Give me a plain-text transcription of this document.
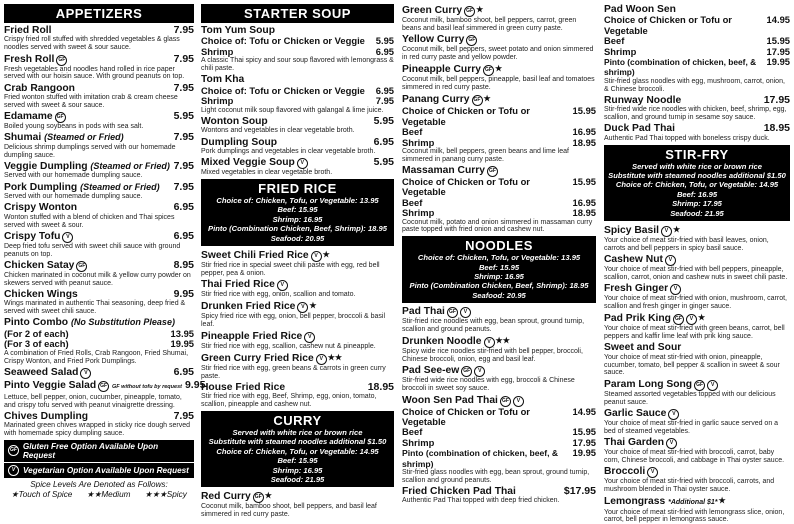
APPETIZERS
Fried Roll	7.95
Crispy fried roll stuffed with shredded vegetables & glass noodles served with sweet & sour sauce.
Fresh Roll GF	7.95
Fresh vegetables and noodles hand rolled in rice paper served with our hoisin sauce. With ground peanuts on top.
Crab Rangoon	7.95
Fried wonton stuffed with imitation crab & cream cheese served with sweet & sour sauce.
Edamame GF	5.95
Boiled young soybeans in pods with sea salt.
Shumai (Steamed or Fried)	7.95
Delicious shrimp dumplings served with our homemade dumpling sauce.
Veggie Dumpling (Steamed or Fried) 7.95
Served with our homemade dumpling sauce.
Pork Dumpling (Steamed or Fried) 7.95
Served with our homemade dumpling sauce.
Crispy Wonton	6.95
Wonton stuffed with a blend of chicken and Thai spices served with sweet & sour.
Crispy Tofu V	6.95
Deep fried tofu served with sweet chili sauce with ground peanuts on top.
Chicken Satay GF	8.95
Chicken marinated in coconut milk & yellow curry powder on skewers served with peanut sauce.
Chicken Wings	9.95
Wings marinated in authentic Thai seasoning, deep fried & served with sweet chili sauce.
Pinto Combo (No Substitution Please)
(For 2 of each)	13.95
(For 3 of each)	19.95
A combination of Fried Rolls, Crab Rangoon, Fried Shumai, Crispy Wonton, and Fried Pork Dumplings.
Seaweed Salad V	6.95
Pinto Veggie Salad GF GF without tofu by request 9.95
Lettuce, bell pepper, onion, cucumber, pineapple, tomato, and crispy tofu served with peanut vinaigrette dressing.
Chives Dumpling	7.95
Marinated green chives wrapped in sticky rice dough served with homemade spicy dumpling sauce.
GF Gluten Free Option Available Upon Request
V Vegetarian Option Available Upon Request
Spice Levels Are Denoted as Follows:
★Touch of Spice ★★Medium ★★★Spicy
STARTER SOUP
Tom Yum Soup
Choice of: Tofu or Chicken or Veggie 5.95
Shrimp	6.95
A classic Thai spicy and sour soup flavored with lemongrass & chili paste.
Tom Kha
Choice of: Tofu or Chicken or Veggie 6.95
Shrimp	7.95
Light coconut milk soup flavored with galangal & lime juice.
Wonton Soup	5.95
Wontons and vegetables in clear vegetable broth.
Dumpling Soup	6.95
Pork dumplings and vegetables in clear vegetable broth.
Mixed Veggie Soup V	5.95
Mixed vegetables in clear vegetable broth.
FRIED RICE
Choice of: Chicken, Tofu, or Vegetable: 13.95
Beef: 15.95
Shrimp: 16.95
Pinto (Combination Chicken, Beef, Shrimp): 18.95
Seafood: 20.95
Sweet Chili Fried Rice V ★
Stir fried rice in special sweet chili paste with egg, red bell pepper, pea & onion.
Thai Fried Rice V
Stir fried rice with egg, onion, scallion and tomato.
Drunken Fried Rice V ★
Spicy fried rice with egg, onion, bell pepper, broccoli & basil leaf.
Pineapple Fried Rice V
Stir fried rice with egg, scallion, cashew nut & pineapple.
Green Curry Fried Rice V ★★
Stir fried rice with egg, green beans & carrots in green curry paste.
House Fried Rice	18.95
Stir fried rice with egg, Beef, Shrimp, egg, onion, tomato, scallion, pineapple and cashew nut.
CURRY
Served with white rice or brown rice
Substitute with steamed noodles additional $1.50
Choice of: Chicken, Tofu, or Vegetable: 14.95
Beef: 15.95
Shrimp: 16.95
Seafood: 21.95
Red Curry GF ★
Coconut milk, bamboo shoot, bell peppers, and basil leaf simmered in red curry paste.
Green Curry GF ★
Coconut milk, bamboo shoot, bell peppers, carrot, green beans and basil leaf simmered in green curry paste.
Yellow Curry GF
Coconut milk, bell peppers, sweet potato and onion simmered in red curry paste and yellow powder.
Pineapple Curry GF ★
Coconut milk, bell peppers, pineapple, basil leaf and tomatoes simmered in red curry paste.
Panang Curry GF ★
Choice of Chicken or Tofu or Vegetable
15.95
Beef	16.95
Shrimp	18.95
Coconut milk, bell peppers, green beans and lime leaf simmered in panang curry paste.
Massaman Curry GF
Choice of Chicken or Tofu or Vegetable
15.95
Beef	16.95
Shrimp	18.95
Coconut milk, potato and onion simmered in massaman curry paste topped with fried onion and cashew nut.
NOODLES
Choice of: Chicken, Tofu, or Vegetable: 13.95
Beef: 15.95
Shrimp: 16.95
Pinto (Combination Chicken, Beef, Shrimp): 18.95
Seafood: 20.95
Pad Thai GF V
Stir-fried rice noodles with egg, bean sprout, ground turnip, scallion and ground peanuts.
Drunken Noodle V ★★
Spicy wide rice noodles stir-fried with bell pepper, broccoli, Chinese broccoli, onion, egg and basil leaf.
Pad See-ew GF V
Stir-fried wide rice noodles with egg, broccoli & Chinese broccoli in sweet soy sauce.
Woon Sen Pad Thai GF V
Choice of Chicken or Tofu or Vegetable
14.95
Beef	15.95
Shrimp	17.95
Pinto (combination of chicken, beef, & shrimp)
19.95
Stir-fried glass noodles with egg, bean sprout, ground turnip, scallion and ground peanuts.
Fried Chicken Pad Thai	$17.95
Authentic Pad Thai topped with deep fried chicken.
Pad Woon Sen
Choice of Chicken or Tofu or Vegetable
14.95
Beef	15.95
Shrimp	17.95
Pinto (combination of chicken, beef, & shrimp)
19.95
Stir-fried glass noodles with egg, mushroom, carrot, onion, & Chinese broccoli.
Runway Noodle	17.95
Stir-fried wide rice noodles with chicken, beef, shrimp, egg, scallion, and ground turnip in sesame soy sauce.
Duck Pad Thai	18.95
Authentic Pad Thai topped with boneless crispy duck.
STIR-FRY
Served with white rice or brown rice
Substitute with steamed noodles additional $1.50
Choice of: Chicken, Tofu, or Vegetable: 14.95
Beef: 16.95
Shrimp: 17.95
Seafood: 21.95
Spicy Basil V ★
Your choice of meat stir-fried with basil leaves, onion, carrots and bell peppers in spicy basil sauce.
Cashew Nut V
Your choice of meat stir-fried with bell peppers, pineapple, scallion, carrot, onion and cashew nuts in sweet chili paste.
Fresh Ginger V
Your choice of meat stir-fried with onion, mushroom, carrot, scallion and fresh ginger in ginger sauce.
Pad Prik King GF V ★
Your choice of meat stir-fried with green beans, carrot, bell peppers and kaffir lime leaf with prik king sauce.
Sweet and Sour
Your choice of meat stir-fried with onion, pineapple, cucumber, tomato, bell pepper & scallion in sweet & sour sauce.
Param Long Song GF V
Steamed assorted vegetables topped with our delicious peanut sauce.
Garlic Sauce V
Your choice of meat stir-fried in garlic sauce served on a bed of steamed vegetables.
Thai Garden V
Your choice of meat stir-fried with broccoli, carrot, baby corn, Chinese broccoli, and cabbage in Thai oyster sauce.
Broccoli V
Your choice of meat stir-fried with broccoli, carrots, and mushroom blended in Thai oyster sauce.
Lemongrass *Additional $1*★
Your choice of meat stir-fried with lemongrass slice, onion, carrot, bell pepper in lemongrass sauce.
